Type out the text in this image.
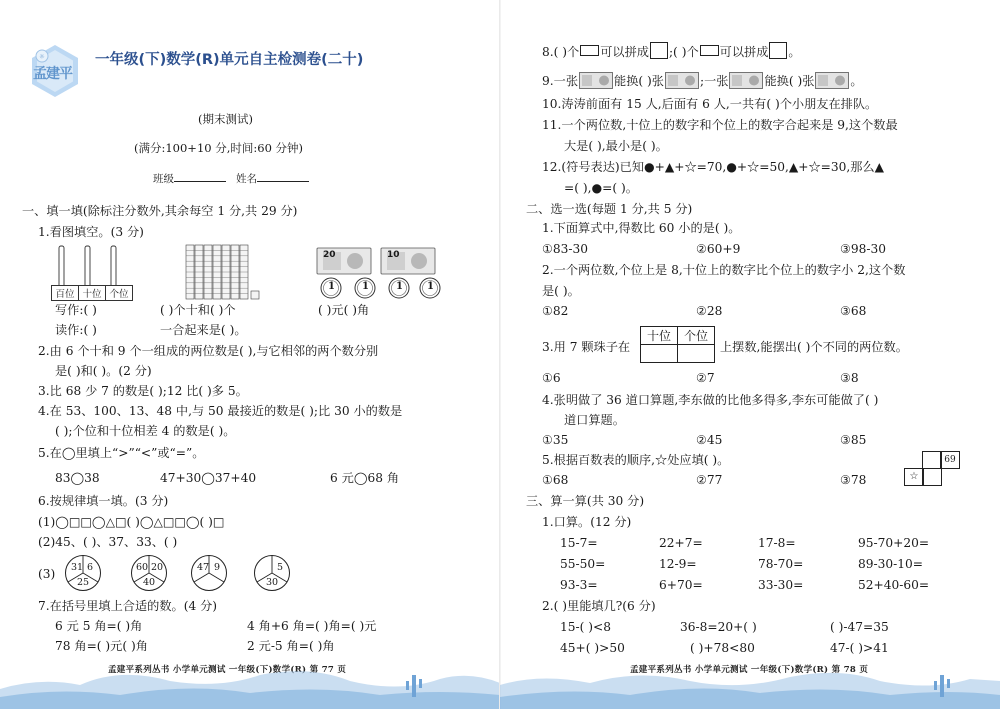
☼
孟建平
一年级(下)数学(R)单元自主检测卷(二十)
(期末测试)
(满分:100+10 分,时间:60 分钟)
班级	姓名
一、填一填(除标注分数外,其余每空 1 分,共 29 分)
1.看图填空。(3 分)
百位 十位 个位
20	10
1	1	1 1
写作:( )	( )个十和( )个	( )元( )角
读作:( )	一合起来是( )。
2.由 6 个十和 9 个一组成的两位数是( ),与它相邻的两个数分别
是( )和( )。(2 分)
3.比 68 少 7 的数是( );12 比( )多 5。
4.在 53、100、13、48 中,与 50 最接近的数是( );比 30 小的数是
( );个位和十位相差 4 的数是( )。
5.在◯里填上“>”“<”或“=”。
83◯38	47+30◯37+40	6 元◯68 角
6.按规律填一填。(3 分)
(1)◯□□◯△□( )◯△□□◯( )□
(2)45、( )、37、33、( )
(3) 31 6
25
60 20
40
47 9	5
30
7.在括号里填上合适的数。(4 分)
6 元 5 角=( )角	4 角+6 角=( )角=( )元
78 角=( )元( )角	2 元-5 角=( )角
孟建平系列丛书 小学单元测试 一年级(下)数学(R) 第 77 页
8.( )个 可以拼成 ;( )个 可以拼成 。
9.一张	能换( )张	;一张	能换( )张	。
10.涛涛前面有 15 人,后面有 6 人,一共有( )个小朋友在排队。
11.一个两位数,十位上的数字和个位上的数字合起来是 9,这个数最
大是( ),最小是( )。
12.(符号表达)已知●+▲+☆=70,●+☆=50,▲+☆=30,那么▲
=( ),●=( )。
二、选一选(每题 1 分,共 5 分)
1.下面算式中,得数比 60 小的是( )。
①83-30	②60+9	③98-30
2.一个两位数,个位上是 8,十位上的数字比个位上的数字小 2,这个数
是( )。
①82	②28	③68
3.用 7 颗珠子在
十位	个位

上摆数,能摆出( )个不同的两位数。
①6	②7	③8
4.张明做了 36 道口算题,李东做的比他多得多,李东可能做了( )
道口算题。
①35	②45	③85
5.根据百数表的顺序,☆处应填( )。
①68	②77	③78
69
☆
三、算一算(共 30 分)
1.口算。(12 分)
15-7=	22+7=	17-8=	95-70+20=
55-50=	12-9=	78-70=	89-30-10=
93-3=	6+70=	33-30=	52+40-60=
2.( )里能填几?(6 分)
15-( )<8	36-8=20+( )	( )-47=35
45+( )>50	( )+78<80	47-( )>41
孟建平系列丛书 小学单元测试 一年级(下)数学(R) 第 78 页
